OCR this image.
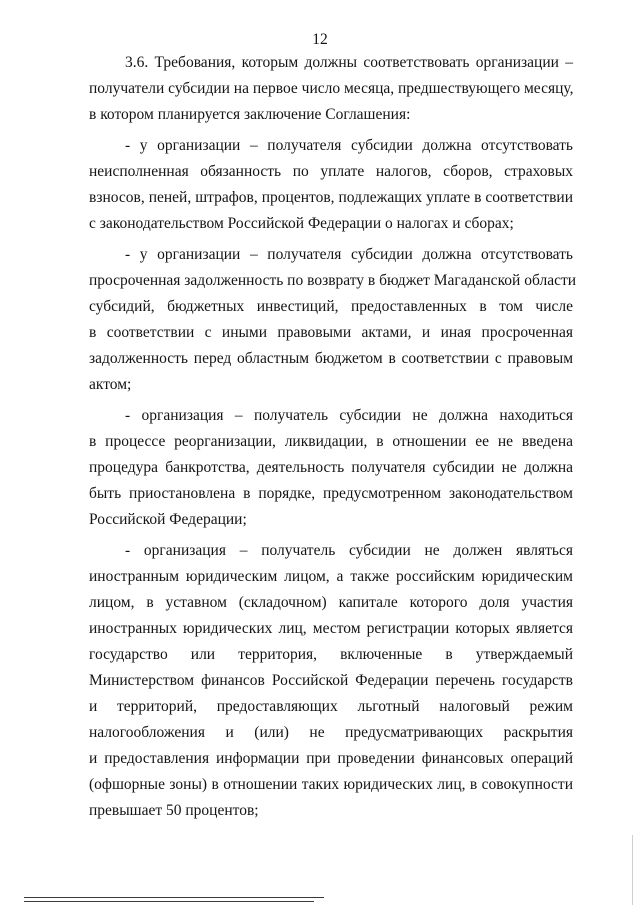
12
3.6. Требования, которым должны соответствовать организации –
получатели субсидии на первое число месяца, предшествующего месяцу,
в котором планируется заключение Соглашения:
- у организации – получателя субсидии должна отсутствовать
неисполненная обязанность по уплате налогов, сборов, страховых
взносов, пеней, штрафов, процентов, подлежащих уплате в соответствии
с законодательством Российской Федерации о налогах и сборах;
- у организации – получателя субсидии должна отсутствовать
просроченная задолженность по возврату в бюджет Магаданской области
субсидий, бюджетных инвестиций, предоставленных в том числе
в соответствии с иными правовыми актами, и иная просроченная
задолженность перед областным бюджетом в соответствии с правовым
актом;
- организация – получатель субсидии не должна находиться
в процессе реорганизации, ликвидации, в отношении ее не введена
процедура банкротства, деятельность получателя субсидии не должна
быть приостановлена в порядке, предусмотренном законодательством
Российской Федерации;
- организация – получатель субсидии не должен являться
иностранным юридическим лицом, а также российским юридическим
лицом, в уставном (складочном) капитале которого доля участия
иностранных юридических лиц, местом регистрации которых является
государство или территория, включенные в утверждаемый
Министерством финансов Российской Федерации перечень государств
и территорий, предоставляющих льготный налоговый режим
налогообложения и (или) не предусматривающих раскрытия
и предоставления информации при проведении финансовых операций
(офшорные зоны) в отношении таких юридических лиц, в совокупности
превышает 50 процентов;
